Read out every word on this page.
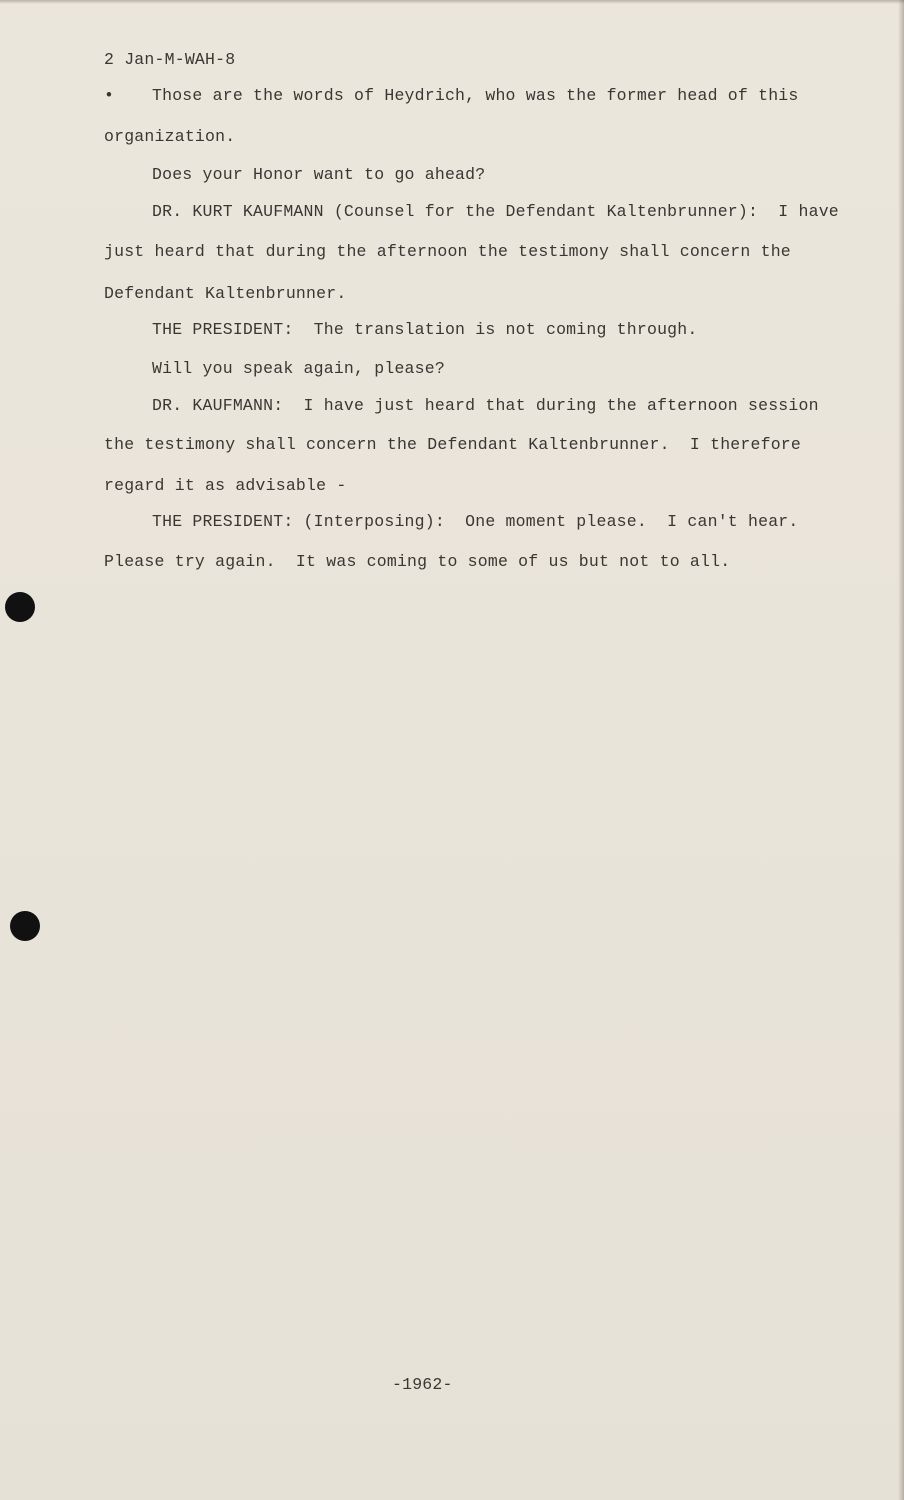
2 Jan-M-WAH-8
• Those are the words of Heydrich, who was the former head of this
organization.
Does your Honor want to go ahead?
DR. KURT KAUFMANN (Counsel for the Defendant Kaltenbrunner):  I have
just heard that during the afternoon the testimony shall concern the
Defendant Kaltenbrunner.
THE PRESIDENT:  The translation is not coming through.
Will you speak again, please?
DR. KAUFMANN:  I have just heard that during the afternoon session
the testimony shall concern the Defendant Kaltenbrunner.  I therefore
regard it as advisable -
THE PRESIDENT: (Interposing):  One moment please.  I can't hear.
Please try again.  It was coming to some of us but not to all.
-1962-
